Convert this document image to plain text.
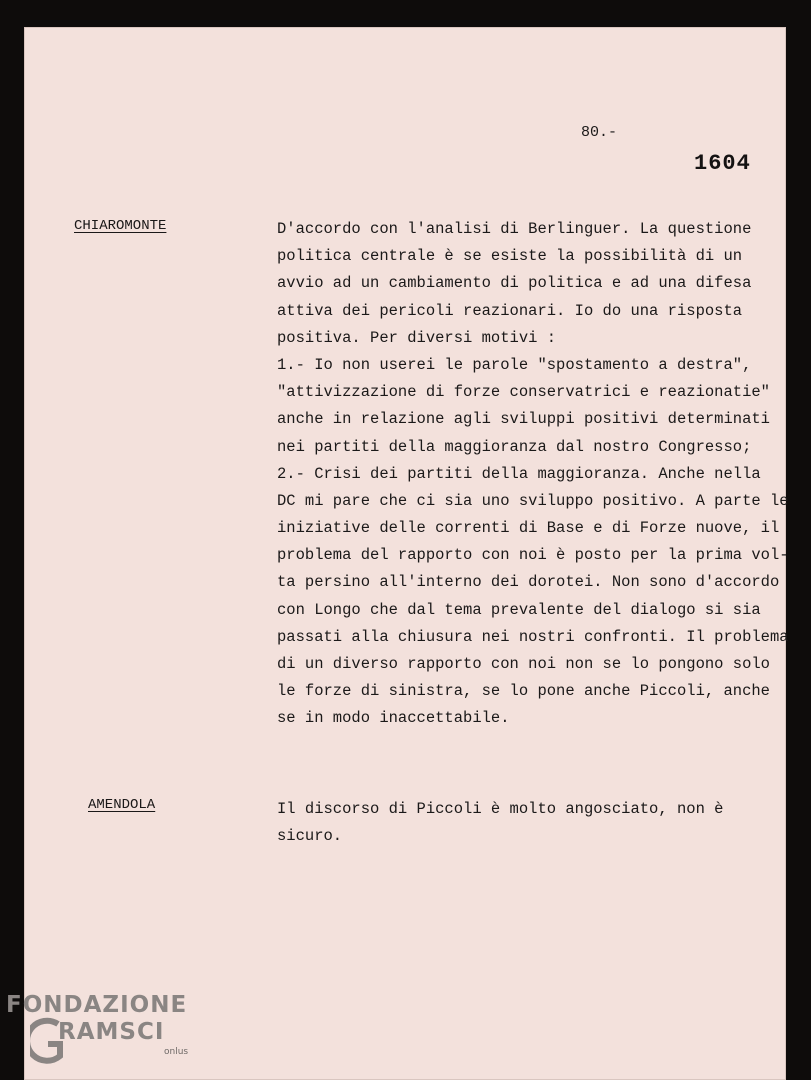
80.-
1604
CHIAROMONTE	D'accordo con l'analisi di Berlinguer. La questione
politica centrale è se esiste la possibilità di un
avvio ad un cambiamento di politica e ad una difesa
attiva dei pericoli reazionari. Io do una risposta
positiva. Per diversi motivi :
1.- Io non userei le parole "spostamento a destra",
"attivizzazione di forze conservatrici e reazionatie"
anche in relazione agli sviluppi positivi determinati
nei partiti della maggioranza dal nostro Congresso;
2.- Crisi dei partiti della maggioranza. Anche nella
DC mi pare che ci sia uno sviluppo positivo. A parte le
iniziative delle correnti di Base e di Forze nuove, il
problema del rapporto con noi è posto per la prima vol-
ta persino all'interno dei dorotei. Non sono d'accordo
con Longo che dal tema prevalente del dialogo si sia
passati alla chiusura nei nostri confronti. Il problema
di un diverso rapporto con noi non se lo pongono solo
le forze di sinistra, se lo pone anche Piccoli, anche
se in modo inaccettabile.
AMENDOLA	Il discorso di Piccoli è molto angosciato, non è
sicuro.
FONDAZIONE
RAMSCI
onlus
